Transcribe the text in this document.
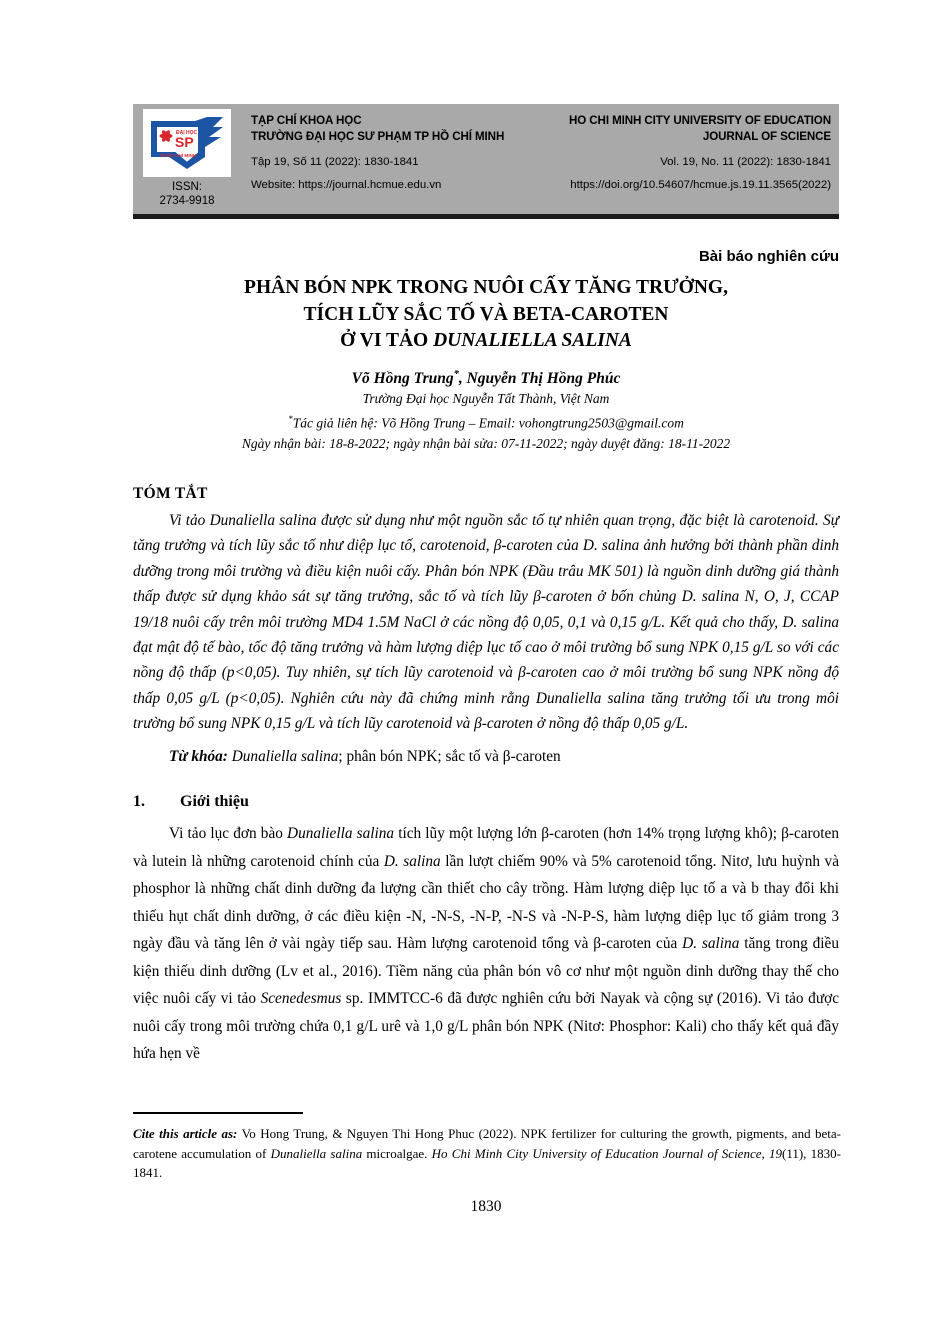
ĐẠI HỌC
SP
TP HỒ CHÍ MINH
ISSN:
2734-9918
TẠP CHÍ KHOA HỌC
TRƯỜNG ĐẠI HỌC SƯ PHẠM TP HỒ CHÍ MINH
Tập 19, Số 11 (2022): 1830-1841
Website: https://journal.hcmue.edu.vn
HO CHI MINH CITY UNIVERSITY OF EDUCATION
JOURNAL OF SCIENCE
Vol. 19, No. 11 (2022): 1830-1841
https://doi.org/10.54607/hcmue.js.19.11.3565(2022)
Bài báo nghiên cứu
PHÂN BÓN NPK TRONG NUÔI CẤY TĂNG TRƯỞNG,
TÍCH LŨY SẮC TỐ VÀ BETA-CAROTEN
Ở VI TẢO DUNALIELLA SALINA
Võ Hồng Trung*, Nguyễn Thị Hồng Phúc
Trường Đại học Nguyễn Tất Thành, Việt Nam
*Tác giả liên hệ: Võ Hồng Trung – Email: vohongtrung2503@gmail.com
Ngày nhận bài: 18-8-2022; ngày nhận bài sửa: 07-11-2022; ngày duyệt đăng: 18-11-2022
TÓM TẮT
Vi tảo Dunaliella salina được sử dụng như một nguồn sắc tố tự nhiên quan trọng, đặc biệt là carotenoid. Sự tăng trưởng và tích lũy sắc tố như diệp lục tố, carotenoid, β-caroten của D. salina ảnh hưởng bởi thành phần dinh dưỡng trong môi trường và điều kiện nuôi cấy. Phân bón NPK (Đầu trâu MK 501) là nguồn dinh dưỡng giá thành thấp được sử dụng khảo sát sự tăng trưởng, sắc tố và tích lũy β-caroten ở bốn chủng D. salina N, O, J, CCAP 19/18 nuôi cấy trên môi trường MD4 1.5M NaCl ở các nồng độ 0,05, 0,1 và 0,15 g/L. Kết quả cho thấy, D. salina đạt mật độ tế bào, tốc độ tăng trưởng và hàm lượng diệp lục tố cao ở môi trường bổ sung NPK 0,15 g/L so với các nồng độ thấp (p<0,05). Tuy nhiên, sự tích lũy carotenoid và β-caroten cao ở môi trường bổ sung NPK nồng độ thấp 0,05 g/L (p<0,05). Nghiên cứu này đã chứng minh rằng Dunaliella salina tăng trưởng tối ưu trong môi trường bổ sung NPK 0,15 g/L và tích lũy carotenoid và β-caroten ở nồng độ thấp 0,05 g/L.
Từ khóa: Dunaliella salina; phân bón NPK; sắc tố và β-caroten
1. Giới thiệu
Vi tảo lục đơn bào Dunaliella salina tích lũy một lượng lớn β-caroten (hơn 14% trọng lượng khô); β-caroten và lutein là những carotenoid chính của D. salina lần lượt chiếm 90% và 5% carotenoid tổng. Nitơ, lưu huỳnh và phosphor là những chất dinh dưỡng đa lượng cần thiết cho cây trồng. Hàm lượng diệp lục tố a và b thay đổi khi thiếu hụt chất dinh dưỡng, ở các điều kiện -N, -N-S, -N-P, -N-S và -N-P-S, hàm lượng diệp lục tố giảm trong 3 ngày đầu và tăng lên ở vài ngày tiếp sau. Hàm lượng carotenoid tổng và β-caroten của D. salina tăng trong điều kiện thiếu dinh dưỡng (Lv et al., 2016). Tiềm năng của phân bón vô cơ như một nguồn dinh dưỡng thay thế cho việc nuôi cấy vi tảo Scenedesmus sp. IMMTCC-6 đã được nghiên cứu bởi Nayak và cộng sự (2016). Vi tảo được nuôi cấy trong môi trường chứa 0,1 g/L urê và 1,0 g/L phân bón NPK (Nitơ: Phosphor: Kali) cho thấy kết quả đầy hứa hẹn về
Cite this article as: Vo Hong Trung, & Nguyen Thi Hong Phuc (2022). NPK fertilizer for culturing the growth, pigments, and beta-carotene accumulation of Dunaliella salina microalgae. Ho Chi Minh City University of Education Journal of Science, 19(11), 1830-1841.
1830
